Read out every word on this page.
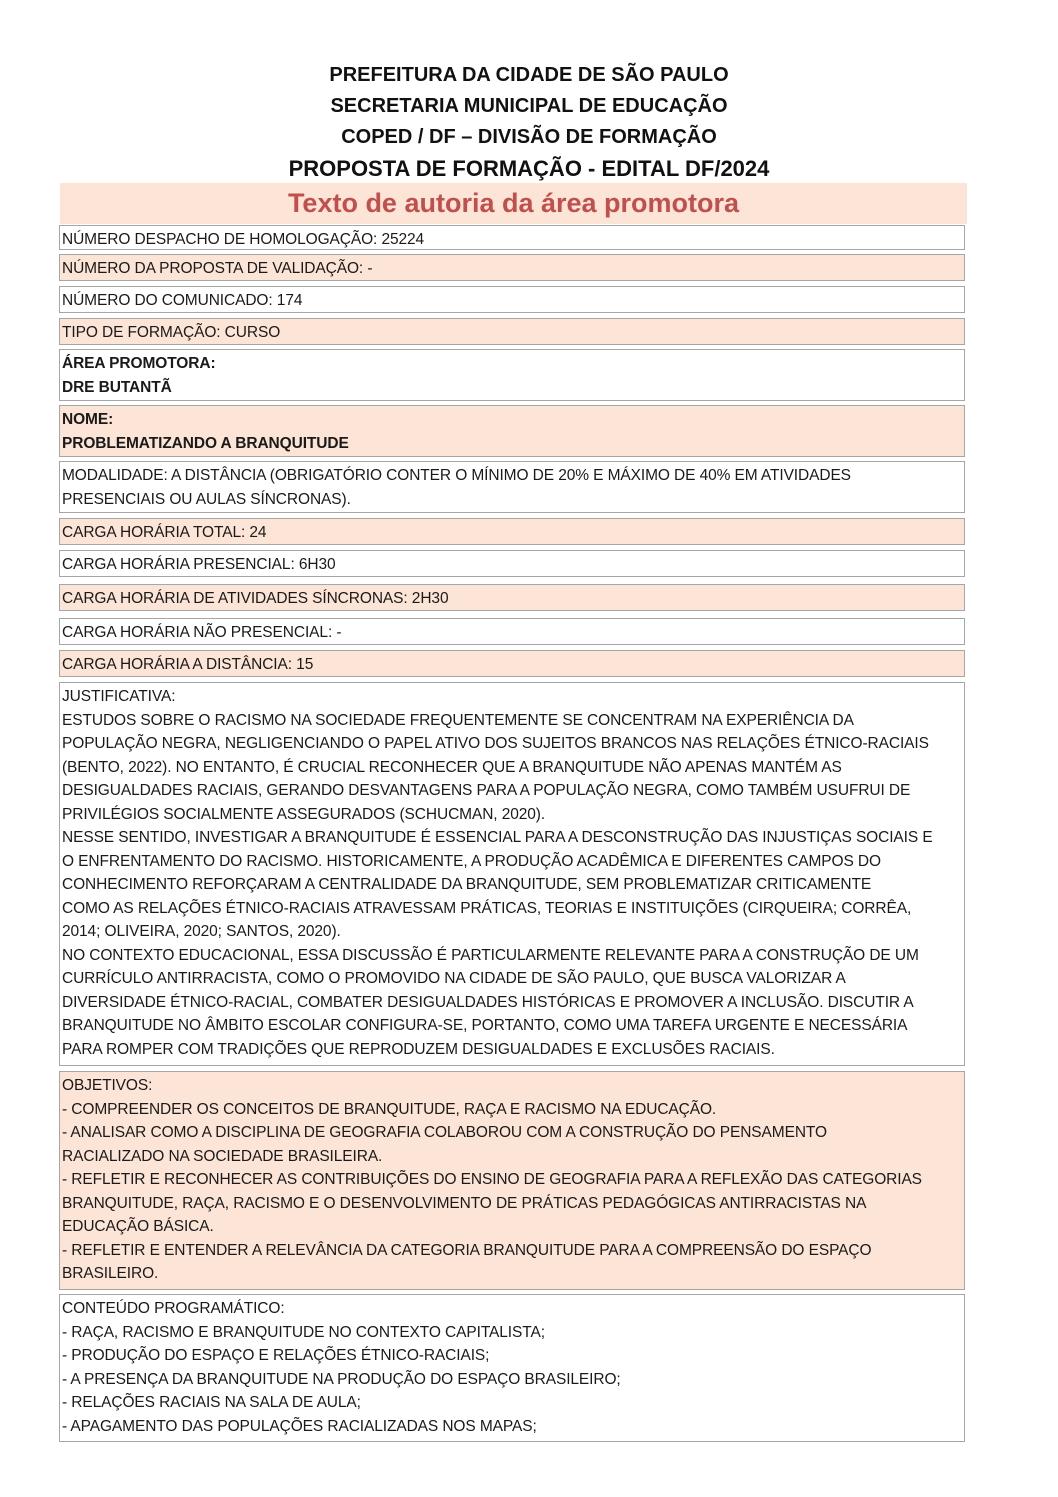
PREFEITURA DA CIDADE DE SÃO PAULO
SECRETARIA MUNICIPAL DE EDUCAÇÃO
COPED / DF – DIVISÃO DE FORMAÇÃO
PROPOSTA DE FORMAÇÃO - EDITAL DF/2024
Texto de autoria da área promotora
NÚMERO DESPACHO DE HOMOLOGAÇÃO: 25224
NÚMERO DA PROPOSTA DE VALIDAÇÃO: -
NÚMERO DO COMUNICADO: 174
TIPO DE FORMAÇÃO: CURSO
ÁREA PROMOTORA:
DRE BUTANTÃ
NOME:
PROBLEMATIZANDO A BRANQUITUDE
MODALIDADE: A DISTÂNCIA (OBRIGATÓRIO CONTER O MÍNIMO DE 20% E MÁXIMO DE 40% EM ATIVIDADES
PRESENCIAIS OU AULAS SÍNCRONAS).
CARGA HORÁRIA TOTAL: 24
CARGA HORÁRIA PRESENCIAL: 6H30
CARGA HORÁRIA DE ATIVIDADES SÍNCRONAS: 2H30
CARGA HORÁRIA NÃO PRESENCIAL: -
CARGA HORÁRIA A DISTÂNCIA: 15
JUSTIFICATIVA:
ESTUDOS SOBRE O RACISMO NA SOCIEDADE FREQUENTEMENTE SE CONCENTRAM NA EXPERIÊNCIA DA
POPULAÇÃO NEGRA, NEGLIGENCIANDO O PAPEL ATIVO DOS SUJEITOS BRANCOS NAS RELAÇÕES ÉTNICO-RACIAIS
(BENTO, 2022). NO ENTANTO, É CRUCIAL RECONHECER QUE A BRANQUITUDE NÃO APENAS MANTÉM AS
DESIGUALDADES RACIAIS, GERANDO DESVANTAGENS PARA A POPULAÇÃO NEGRA, COMO TAMBÉM USUFRUI DE
PRIVILÉGIOS SOCIALMENTE ASSEGURADOS (SCHUCMAN, 2020).
NESSE SENTIDO, INVESTIGAR A BRANQUITUDE É ESSENCIAL PARA A DESCONSTRUÇÃO DAS INJUSTIÇAS SOCIAIS E
O ENFRENTAMENTO DO RACISMO. HISTORICAMENTE, A PRODUÇÃO ACADÊMICA E DIFERENTES CAMPOS DO
CONHECIMENTO REFORÇARAM A CENTRALIDADE DA BRANQUITUDE, SEM PROBLEMATIZAR CRITICAMENTE
COMO AS RELAÇÕES ÉTNICO-RACIAIS ATRAVESSAM PRÁTICAS, TEORIAS E INSTITUIÇÕES (CIRQUEIRA; CORRÊA,
2014; OLIVEIRA, 2020; SANTOS, 2020).
NO CONTEXTO EDUCACIONAL, ESSA DISCUSSÃO É PARTICULARMENTE RELEVANTE PARA A CONSTRUÇÃO DE UM
CURRÍCULO ANTIRRACISTA, COMO O PROMOVIDO NA CIDADE DE SÃO PAULO, QUE BUSCA VALORIZAR A
DIVERSIDADE ÉTNICO-RACIAL, COMBATER DESIGUALDADES HISTÓRICAS E PROMOVER A INCLUSÃO. DISCUTIR A
BRANQUITUDE NO ÂMBITO ESCOLAR CONFIGURA-SE, PORTANTO, COMO UMA TAREFA URGENTE E NECESSÁRIA
PARA ROMPER COM TRADIÇÕES QUE REPRODUZEM DESIGUALDADES E EXCLUSÕES RACIAIS.
OBJETIVOS:
- COMPREENDER OS CONCEITOS DE BRANQUITUDE, RAÇA E RACISMO NA EDUCAÇÃO.
- ANALISAR COMO A DISCIPLINA DE GEOGRAFIA COLABOROU COM A CONSTRUÇÃO DO PENSAMENTO
RACIALIZADO NA SOCIEDADE BRASILEIRA.
- REFLETIR E RECONHECER AS CONTRIBUIÇÕES DO ENSINO DE GEOGRAFIA PARA A REFLEXÃO DAS CATEGORIAS
BRANQUITUDE, RAÇA, RACISMO E O DESENVOLVIMENTO DE PRÁTICAS PEDAGÓGICAS ANTIRRACISTAS NA
EDUCAÇÃO BÁSICA.
- REFLETIR E ENTENDER A RELEVÂNCIA DA CATEGORIA BRANQUITUDE PARA A COMPREENSÃO DO ESPAÇO
BRASILEIRO.
CONTEÚDO PROGRAMÁTICO:
- RAÇA, RACISMO E BRANQUITUDE NO CONTEXTO CAPITALISTA;
- PRODUÇÃO DO ESPAÇO E RELAÇÕES ÉTNICO-RACIAIS;
- A PRESENÇA DA BRANQUITUDE NA PRODUÇÃO DO ESPAÇO BRASILEIRO;
- RELAÇÕES RACIAIS NA SALA DE AULA;
- APAGAMENTO DAS POPULAÇÕES RACIALIZADAS NOS MAPAS;
